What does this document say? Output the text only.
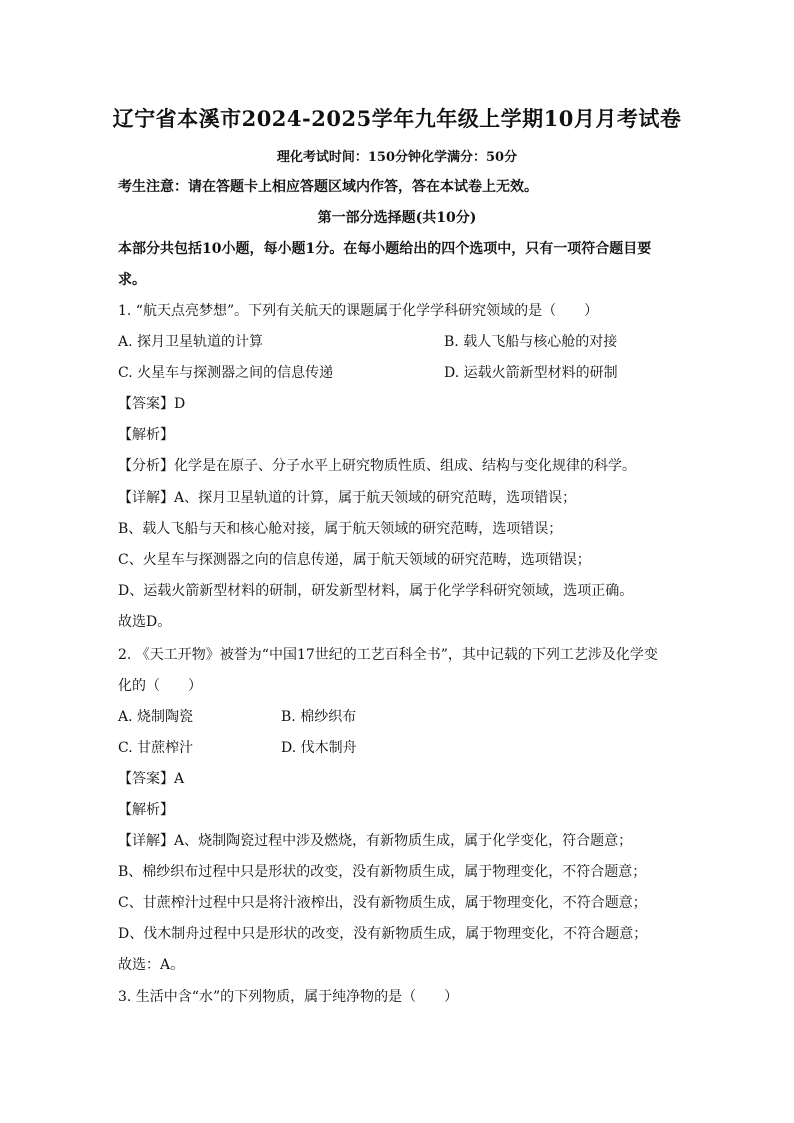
辽宁省本溪市2024-2025学年九年级上学期10月月考试卷
理化考试时间：150分钟化学满分：50分
考生注意：请在答题卡上相应答题区域内作答，答在本试卷上无效。
第一部分选择题(共10分)
本部分共包括10小题，每小题1分。在每小题给出的四个选项中，只有一项符合题目要
求。
1. “航天点亮梦想”。下列有关航天的课题属于化学学科研究领域的是（　　）
A. 探月卫星轨道的计算	B. 载人飞船与核心舱的对接
C. 火星车与探测器之间的信息传递	D. 运载火箭新型材料的研制
【答案】D
【解析】
【分析】化学是在原子、分子水平上研究物质性质、组成、结构与变化规律的科学。
【详解】A、探月卫星轨道的计算，属于航天领域的研究范畴，选项错误；
B、载人飞船与天和核心舱对接，属于航天领域的研究范畴，选项错误；
C、火星车与探测器之向的信息传递，属于航天领域的研究范畴，选项错误；
D、运载火箭新型材料的研制，研发新型材料，属于化学学科研究领域，选项正确。
故选D。
2. 《天工开物》被誉为“中国17世纪的工艺百科全书”，其中记载的下列工艺涉及化学变
化的（　　）
A. 烧制陶瓷	B. 棉纱织布
C. 甘蔗榨汁	D. 伐木制舟
【答案】A
【解析】
【详解】A、烧制陶瓷过程中涉及燃烧，有新物质生成，属于化学变化，符合题意；
B、棉纱织布过程中只是形状的改变，没有新物质生成，属于物理变化，不符合题意；
C、甘蔗榨汁过程中只是将汁液榨出，没有新物质生成，属于物理变化，不符合题意；
D、伐木制舟过程中只是形状的改变，没有新物质生成，属于物理变化，不符合题意；
故选：A。
3. 生活中含“水”的下列物质，属于纯净物的是（　　）
